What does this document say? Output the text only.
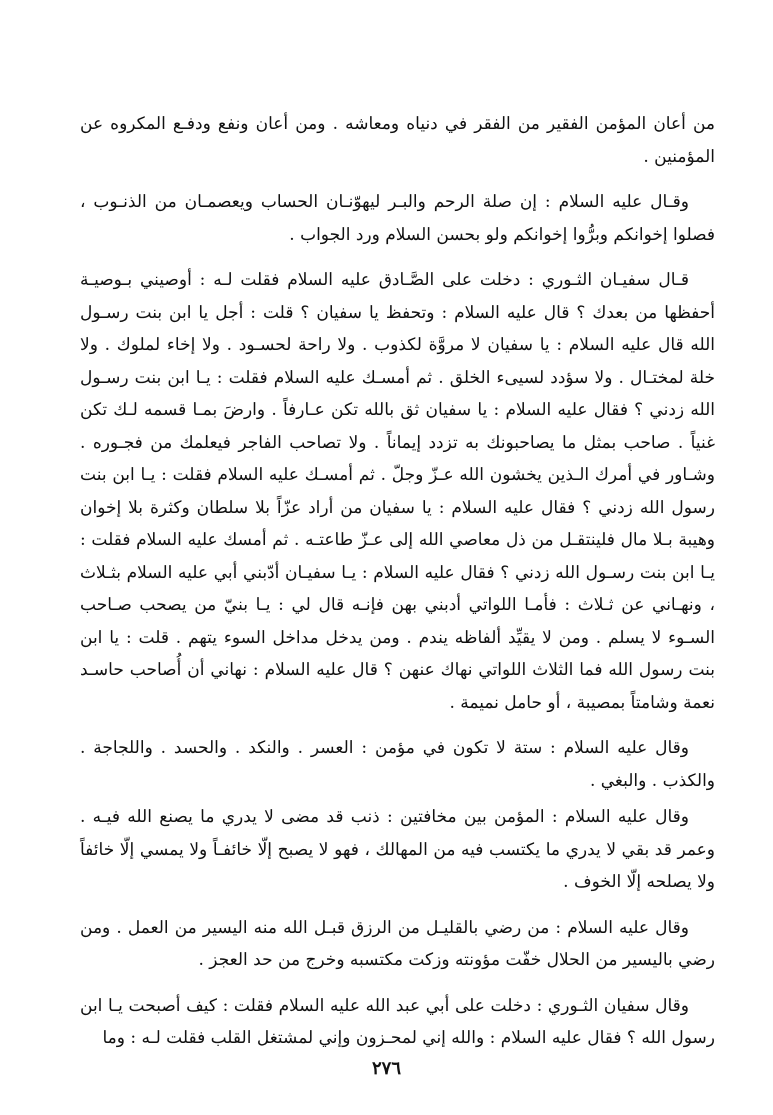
من أعان المؤمن الفقير من الفقر في دنياه ومعاشه . ومن أعان ونفع ودفـع المكروه عن المؤمنين .

وقـال عليه السلام : إن صلة الرحم والبـر ليهوّنـان الحساب ويعصمـان من الذنـوب ، فصلوا إخوانكم وبرُّوا إخوانكم ولو بحسن السلام ورد الجواب .

قـال سفيـان الثـوري : دخلت على الصَّـادق عليه السلام فقلت لـه : أوصيني بـوصيـة أحفظها من بعدك ؟ قال عليه السلام : وتحفظ يا سفيان ؟ قلت : أجل يا ابن بنت رسـول الله قال عليه السلام : يا سفيان لا مروَّة لكذوب . ولا راحة لحسـود . ولا إخاء لملوك . ولا خلة لمختـال . ولا سؤدد لسيىء الخلق . ثم أمسـك عليه السلام فقلت : يـا ابن بنت رسـول الله زدني ؟ فقال عليه السلام : يا سفيان ثق بالله تكن عـارفاً . وارضَ بمـا قسمه لـك تكن غنياً . صاحب بمثل ما يصاحبونك به تزدد إيماناً . ولا تصاحب الفاجر فيعلمك من فجـوره . وشـاور في أمرك الـذين يخشون الله عـزّ وجلّ . ثم أمسـك عليه السلام فقلت : يـا ابن بنت رسول الله زدني ؟ فقال عليه السلام : يا سفيان من أراد عزّاً بلا سلطان وكثرة بلا إخوان وهيبة بـلا مال فلينتقـل من ذل معاصي الله إلى عـزّ طاعتـه . ثم أمسك عليه السلام فقلت : يـا ابن بنت رسـول الله زدني ؟ فقال عليه السلام : يـا سفيـان أدّبني أبي عليه السلام بثـلاث ، ونهـاني عن ثـلاث : فأمـا اللواتي أدبني بهن فإنـه قال لي : يـا بنيّ من يصحب صـاحب السـوء لا يسلم . ومن لا يقيِّد ألفاظه يندم . ومن يدخل مداخل السوء يتهم . قلت : يا ابن بنت رسول الله فما الثلاث اللواتي نهاك عنهن ؟ قال عليه السلام : نهاني أن أُصاحب حاسـد نعمة وشامتاً بمصيبة ، أو حامل نميمة .

وقال عليه السلام : ستة لا تكون في مؤمن : العسر . والنكد . والحسد . واللجاجة . والكذب . والبغي .

وقال عليه السلام : المؤمن بين مخافتين : ذنب قد مضى لا يدري ما يصنع الله فيـه . وعمر قد بقي لا يدري ما يكتسب فيه من المهالك ، فهو لا يصبح إلّا خائفـاً ولا يمسي إلّا خائفاً ولا يصلحه إلّا الخوف .

وقال عليه السلام : من رضي بالقليـل من الرزق قبـل الله منه اليسير من العمل . ومن رضي باليسير من الحلال خفّت مؤونته وزكت مكتسبه وخرج من حد العجز .

وقال سفيان الثـوري : دخلت على أبي عبد الله عليه السلام فقلت : كيف أصبحت يـا ابن رسول الله ؟ فقال عليه السلام : والله إني لمحـزون وإني لمشتغل القلب فقلت لـه : وما

٢٧٦
